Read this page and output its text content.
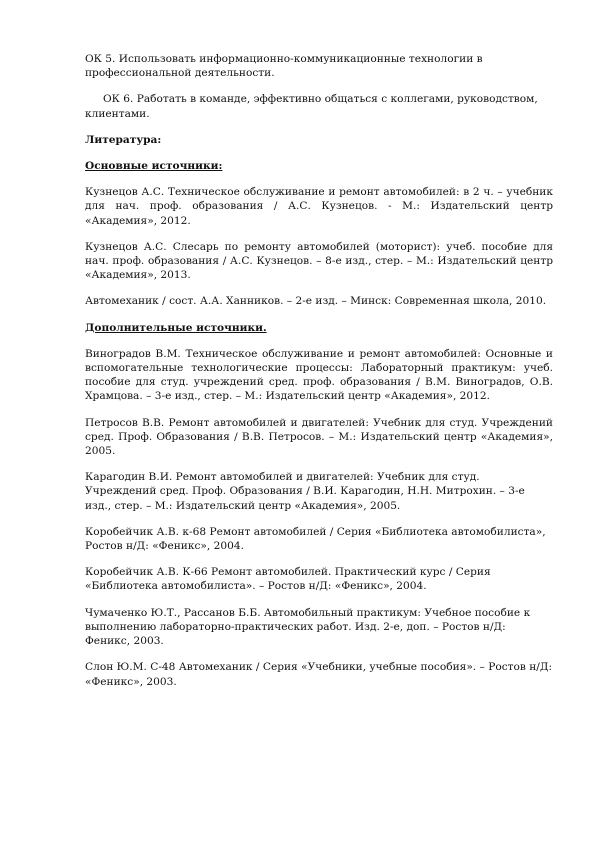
ОК 5. Использовать информационно-коммуникационные технологии в профессиональной деятельности.

ОК 6. Работать в команде, эффективно общаться с коллегами, руководством, клиентами.

Литература:

Основные источники:

Кузнецов А.С. Техническое обслуживание и ремонт автомобилей: в 2 ч. – учебник для нач. проф. образования / А.С. Кузнецов. - М.: Издательский центр «Академия», 2012.

Кузнецов А.С. Слесарь по ремонту автомобилей (моторист): учеб. пособие для нач. проф. образования / А.С. Кузнецов. – 8-е изд., стер. – М.: Издательский центр «Академия», 2013.

Автомеханик / сост. А.А. Ханников. – 2-е изд. – Минск: Современная школа, 2010.

Дополнительные источники.

Виноградов В.М. Техническое обслуживание и ремонт автомобилей: Основные и вспомогательные технологические процессы: Лабораторный практикум: учеб. пособие для студ. учреждений сред. проф. образования / В.М. Виноградов, О.В. Храмцова. – 3-е изд., стер. – М.: Издательский центр «Академия», 2012.

Петросов В.В. Ремонт автомобилей и двигателей: Учебник для студ. Учреждений сред. Проф. Образования / В.В. Петросов. – М.: Издательский центр «Академия», 2005.

Карагодин В.И. Ремонт автомобилей и двигателей: Учебник для студ. Учреждений сред. Проф. Образования / В.И. Карагодин, Н.Н. Митрохин. – 3-е изд., стер. – М.: Издательский центр «Академия», 2005.

Коробейчик А.В. к-68 Ремонт автомобилей / Серия «Библиотека автомобилиста», Ростов н/Д: «Феникс», 2004.

Коробейчик А.В. К-66 Ремонт автомобилей. Практический курс / Серия «Библиотека автомобилиста». – Ростов н/Д: «Феникс», 2004.

Чумаченко Ю.Т., Рассанов Б.Б. Автомобильный практикум: Учебное пособие к выполнению лабораторно-практических работ. Изд. 2-е, доп. – Ростов н/Д: Феникс, 2003.

Слон Ю.М. С-48 Автомеханик / Серия «Учебники, учебные пособия». – Ростов н/Д: «Феникс», 2003.
